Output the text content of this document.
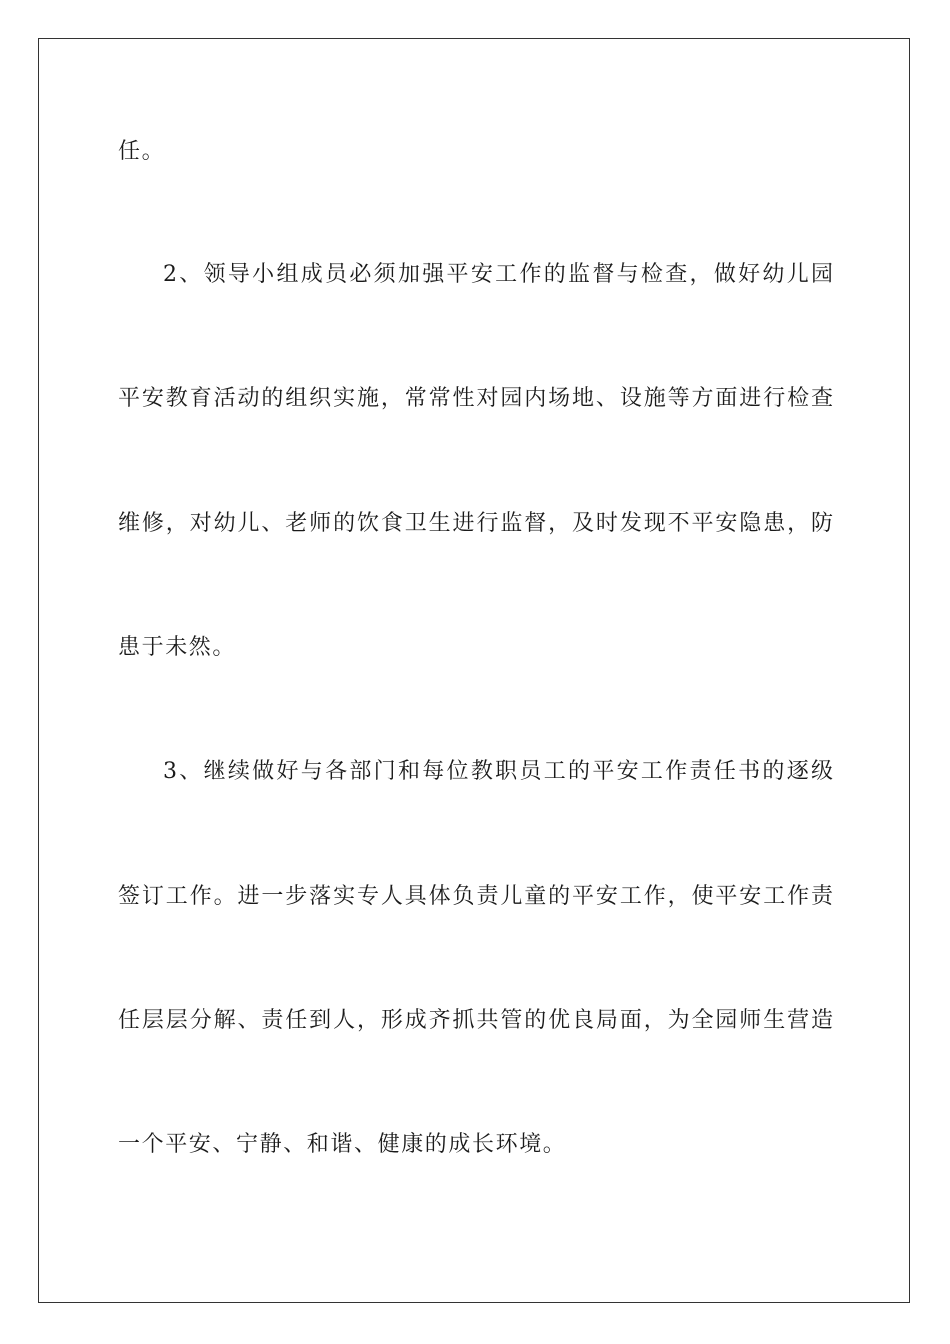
任。
2、领导小组成员必须加强平安工作的监督与检查，做好幼儿园
平安教育活动的组织实施，常常性对园内场地、设施等方面进行检查
维修，对幼儿、老师的饮食卫生进行监督，及时发现不平安隐患，防
患于未然。
3、继续做好与各部门和每位教职员工的平安工作责任书的逐级
签订工作。进一步落实专人具体负责儿童的平安工作，使平安工作责
任层层分解、责任到人，形成齐抓共管的优良局面，为全园师生营造
一个平安、宁静、和谐、健康的成长环境。
